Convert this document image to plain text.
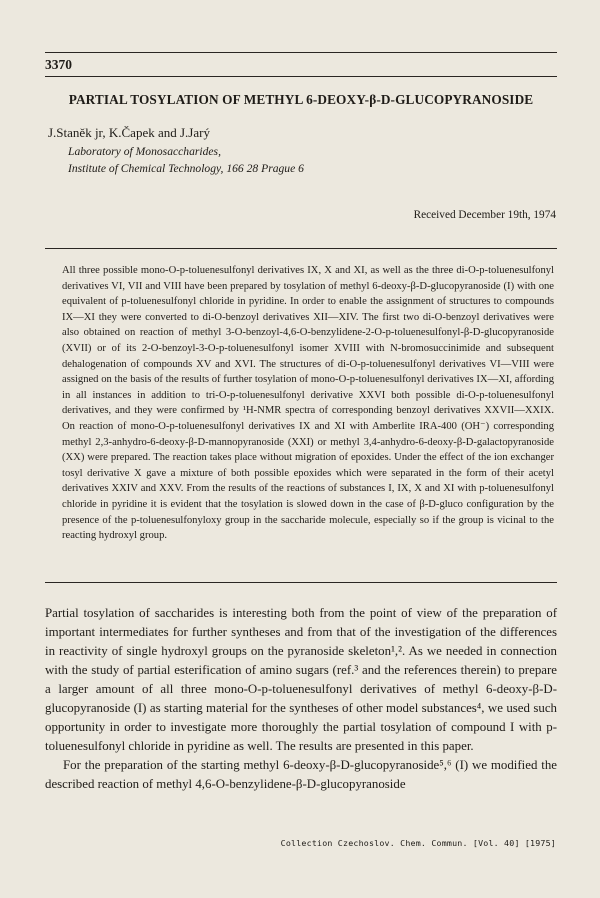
3370
PARTIAL TOSYLATION OF METHYL 6-DEOXY-β-D-GLUCOPYRANOSIDE
J.Staněk jr, K.Čapek and J.Jarý
Laboratory of Monosaccharides,
Institute of Chemical Technology, 166 28 Prague 6
Received December 19th, 1974

All three possible mono-O-p-toluenesulfonyl derivatives IX, X and XI, as well as the three di-O-p-toluenesulfonyl derivatives VI, VII and VIII have been prepared by tosylation of methyl 6-deoxy-β-D-glucopyranoside (I) with one equivalent of p-toluenesulfonyl chloride in pyridine. In order to enable the assignment of structures to compounds IX—XI they were converted to di-O-benzoyl derivatives XII—XIV. The first two di-O-benzoyl derivatives were also obtained on reaction of methyl 3-O-benzoyl-4,6-O-benzylidene-2-O-p-toluenesulfonyl-β-D-glucopyranoside (XVII) or of its 2-O-benzoyl-3-O-p-toluenesulfonyl isomer XVIII with N-bromosuccinimide and subsequent dehalogenation of compounds XV and XVI. The structures of di-O-p-toluenesulfonyl derivatives VI—VIII were assigned on the basis of the results of further tosylation of mono-O-p-toluenesulfonyl derivatives IX—XI, affording in all instances in addition to tri-O-p-toluenesulfonyl derivative XXVI both possible di-O-p-toluenesulfonyl derivatives, and they were confirmed by ¹H-NMR spectra of corresponding benzoyl derivatives XXVII—XXIX. On reaction of mono-O-p-toluenesulfonyl derivatives IX and XI with Amberlite IRA-400 (OH⁻) corresponding methyl 2,3-anhydro-6-deoxy-β-D-mannopyranoside (XXI) or methyl 3,4-anhydro-6-deoxy-β-D-galactopyranoside (XX) were prepared. The reaction takes place without migration of epoxides. Under the effect of the ion exchanger tosyl derivative X gave a mixture of both possible epoxides which were separated in the form of their acetyl derivatives XXIV and XXV. From the results of the reactions of substances I, IX, X and XI with p-toluenesulfonyl chloride in pyridine it is evident that the tosylation is slowed down in the case of β-D-gluco configuration by the presence of the p-toluenesulfonyloxy group in the saccharide molecule, especially so if the group is vicinal to the reacting hydroxyl group.

Partial tosylation of saccharides is interesting both from the point of view of the preparation of important intermediates for further syntheses and from that of the investigation of the differences in reactivity of single hydroxyl groups on the pyranoside skeleton¹,². As we needed in connection with the study of partial esterification of amino sugars (ref.³ and the references therein) to prepare a larger amount of all three mono-O-p-toluenesulfonyl derivatives of methyl 6-deoxy-β-D-glucopyranoside (I) as starting material for the syntheses of other model substances⁴, we used such opportunity in order to investigate more thoroughly the partial tosylation of compound I with p-toluenesulfonyl chloride in pyridine as well. The results are presented in this paper.

For the preparation of the starting methyl 6-deoxy-β-D-glucopyranoside⁵,⁶ (I) we modified the described reaction of methyl 4,6-O-benzylidene-β-D-glucopyranoside

Collection Czechoslov. Chem. Commun. [Vol. 40] [1975]
